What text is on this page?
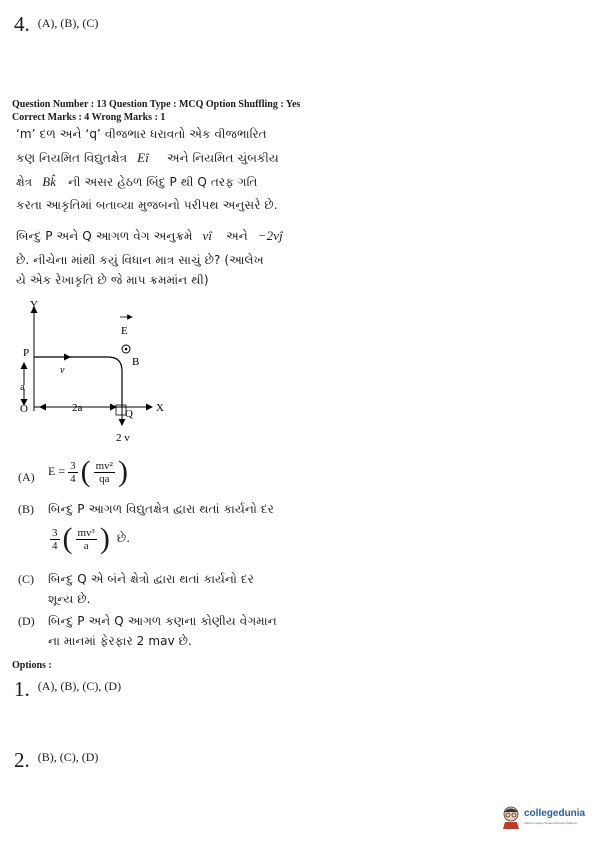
4. $^{(A), (B), (C)}$
Question Number : 13 Question Type : MCQ Option Shuffling : Yes
Correct Marks : 4 Wrong Marks : 1
‘m’ દળ અને ‘q’ વીજભાર ધરાવતો એક વીજભારિત
કણ નિયમિત વિદ્યુતક્ષેત્ર Eî અને નિયમિત ચુંબકીય
ક્ષેત્ર Bk̂ ની અસર હેઠળ બિંદુ P થી Q તરફ ગતિ
કરતા આકૃતિમાં બતાવ્યા મુજબનો પરીપથ અનુસરે છે.
બિન્દુ P અને Q આગળ વેગ અનુક્રમે vî અને −2vĵ
છે. નીચેના માંથી કયું વિધાન માત્ર સાચું છે? (આલેખ
યે એક રેખાકૃતિ છે જે માપ ક્રમમાંન થી)
Y
X
O
P
Q
a
2a
v
2 v
E
B
(A) $E = \frac{3}{4}$ ( $\frac{\text{mv²}}{qa}$ )
(B) બિન્દુ P આગળ વિદ્યુતક્ષેત્ર દ્વારા થતાં કાર્યનો દર
$\frac{3}{4}$ ( $\frac{\text{mv³}}{a}$ ) છે.
(C) બિન્દુ Q એ બંને ક્ષેત્રો દ્વારા થતાં કાર્યનો દર
શૂન્ય છે.
(D) બિન્દુ P અને Q આગળ કણના કોણીય વેગમાન
ના માનમાં ફેરફાર 2 mav છે.
Options :
1. $^{(A), (B), (C), (D)}$
2. $^{(B), (C), (D)}$
collegedunia
India's Largest Student Review Platform
